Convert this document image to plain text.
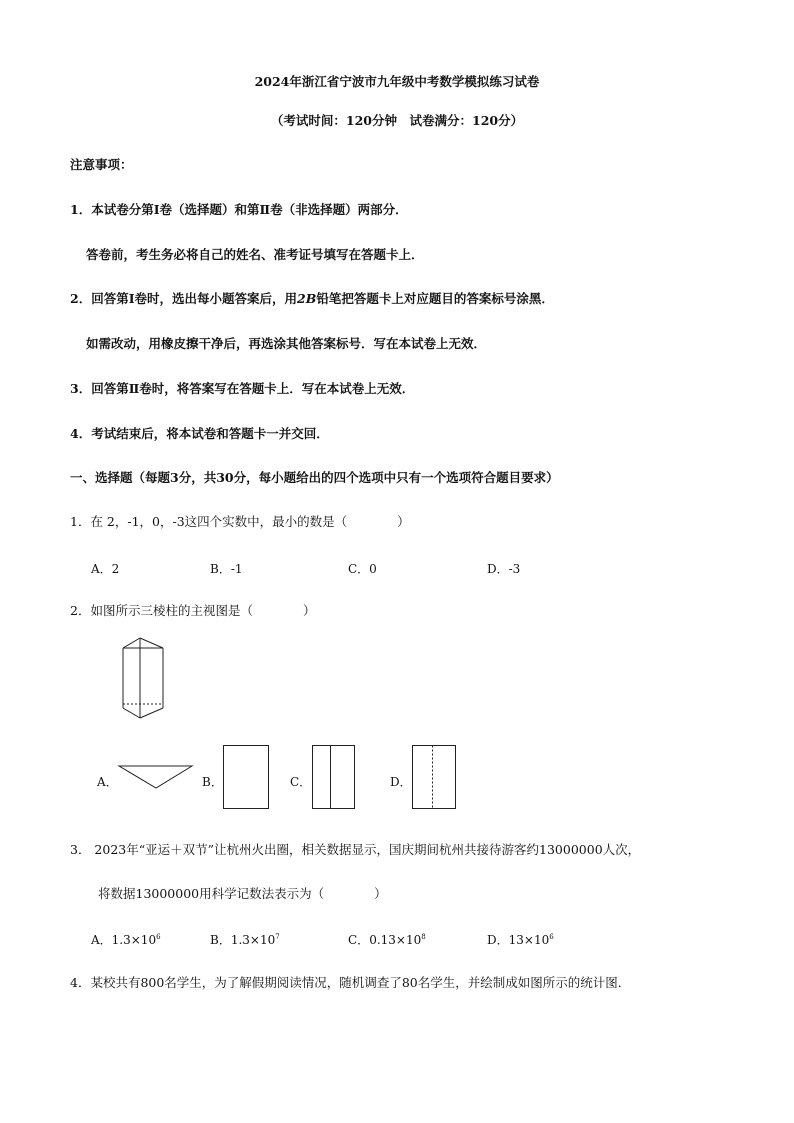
2024年浙江省宁波市九年级中考数学模拟练习试卷
（考试时间：120分钟　试卷满分：120分）
注意事项：
1．本试卷分第Ⅰ卷（选择题）和第Ⅱ卷（非选择题）两部分．
答卷前，考生务必将自己的姓名、准考证号填写在答题卡上．
2．回答第Ⅰ卷时，选出每小题答案后，用2B铅笔把答题卡上对应题目的答案标号涂黑．
如需改动，用橡皮擦干净后，再选涂其他答案标号．写在本试卷上无效．
3．回答第Ⅱ卷时，将答案写在答题卡上．写在本试卷上无效．
4．考试结束后，将本试卷和答题卡一并交回．
一、选择题（每题3分，共30分，每小题给出的四个选项中只有一个选项符合题目要求）
1．在 2，-1，0，-3这四个实数中，最小的数是（　　　　）
A．2	B．-1	C．0	D．-3
2．如图所示三棱柱的主视图是（　　　　）
A．	B．	C．	D．
3． 2023年“亚运＋双节”让杭州火出圈，相关数据显示，国庆期间杭州共接待游客约13000000人次，
将数据13000000用科学记数法表示为（　　　　）
A．$1.3\times 10^6$	B．$1.3\times 10^7$	C．$0.13\times 10^8$	D．$13\times 10^6$
4．某校共有800名学生，为了解假期阅读情况，随机调查了80名学生，并绘制成如图所示的统计图．
